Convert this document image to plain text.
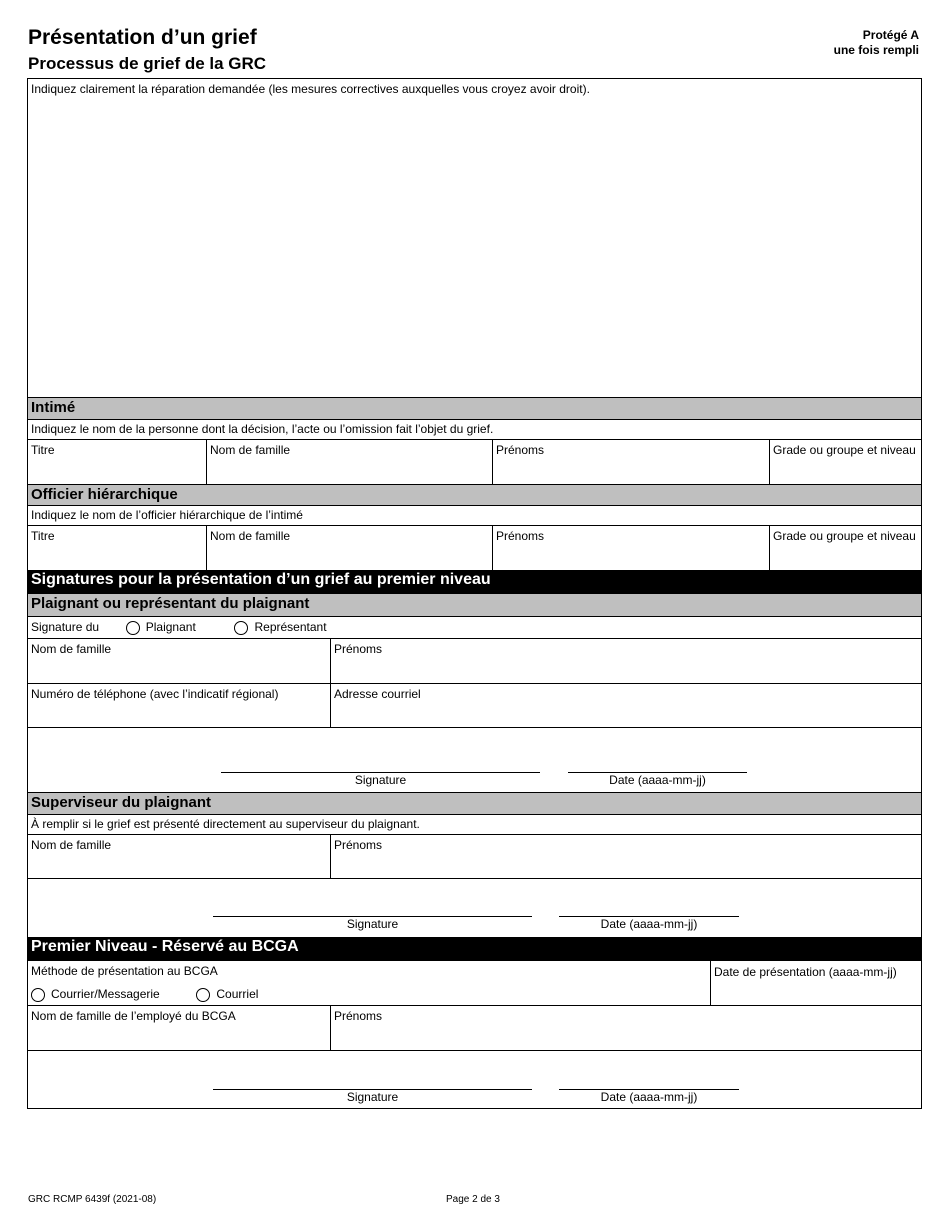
Présentation d’un grief
Processus de grief de la GRC
Protégé A
une fois rempli
Indiquez clairement la réparation demandée (les mesures correctives auxquelles vous croyez avoir droit).
Intimé
Indiquez le nom de la personne dont la décision, l’acte ou l’omission fait l’objet du grief.
Titre	Nom de famille	Prénoms	Grade ou groupe et niveau
Officier hiérarchique
Indiquez le nom de l’officier hiérarchique de l’intimé
Titre	Nom de famille	Prénoms	Grade ou groupe et niveau
Signatures pour la présentation d’un grief au premier niveau
Plaignant ou représentant du plaignant
Signature du	Plaignant	Représentant
Nom de famille	Prénoms
Numéro de téléphone (avec l’indicatif régional)	Adresse courriel
Signature	Date (aaaa-mm-jj)
Superviseur du plaignant
À remplir si le grief est présenté directement au superviseur du plaignant.
Nom de famille	Prénoms
Signature	Date (aaaa-mm-jj)
Premier Niveau - Réservé au BCGA
Méthode de présentation au BCGA
Courrier/Messagerie	Courriel
Date de présentation (aaaa-mm-jj)
Nom de famille de l’employé du BCGA	Prénoms
Signature	Date (aaaa-mm-jj)
GRC RCMP 6439f (2021-08)	Page 2 de 3
